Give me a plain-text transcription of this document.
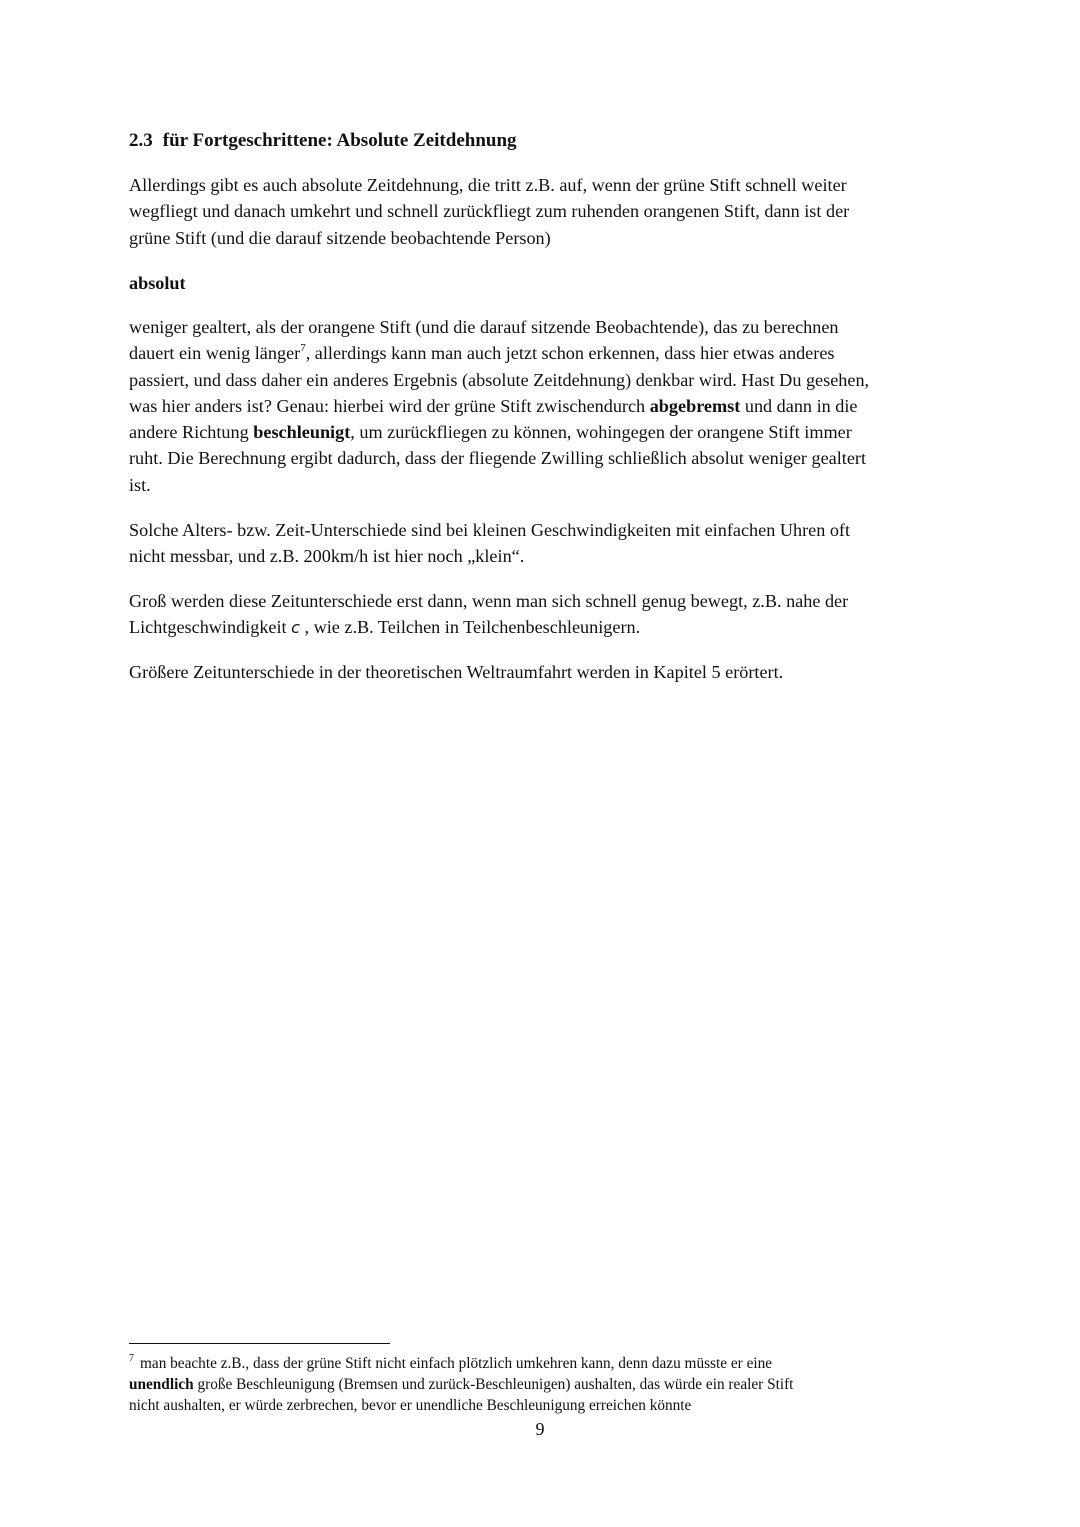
2.3 für Fortgeschrittene: Absolute Zeitdehnung

Allerdings gibt es auch absolute Zeitdehnung, die tritt z.B. auf, wenn der grüne Stift schnell weiter
wegfliegt und danach umkehrt und schnell zurückfliegt zum ruhenden orangenen Stift, dann ist der
grüne Stift (und die darauf sitzende beobachtende Person)

absolut

weniger gealtert, als der orangene Stift (und die darauf sitzende Beobachtende), das zu berechnen
dauert ein wenig länger$^7$, allerdings kann man auch jetzt schon erkennen, dass hier etwas anderes
passiert, und dass daher ein anderes Ergebnis (absolute Zeitdehnung) denkbar wird. Hast Du gesehen,
was hier anders ist? Genau: hierbei wird der grüne Stift zwischendurch abgebremst und dann in die
andere Richtung beschleunigt, um zurückfliegen zu können, wohingegen der orangene Stift immer
ruht. Die Berechnung ergibt dadurch, dass der fliegende Zwilling schließlich absolut weniger gealtert
ist.

Solche Alters- bzw. Zeit-Unterschiede sind bei kleinen Geschwindigkeiten mit einfachen Uhren oft
nicht messbar, und z.B. 200km/h ist hier noch „klein“.

Groß werden diese Zeitunterschiede erst dann, wenn man sich schnell genug bewegt, z.B. nahe der
Lichtgeschwindigkeit c , wie z.B. Teilchen in Teilchenbeschleunigern.

Größere Zeitunterschiede in der theoretischen Weltraumfahrt werden in Kapitel 5 erörtert.

$^7$ man beachte z.B., dass der grüne Stift nicht einfach plötzlich umkehren kann, denn dazu müsste er eine
unendlich große Beschleunigung (Bremsen und zurück-Beschleunigen) aushalten, das würde ein realer Stift
nicht aushalten, er würde zerbrechen, bevor er unendliche Beschleunigung erreichen könnte

9
